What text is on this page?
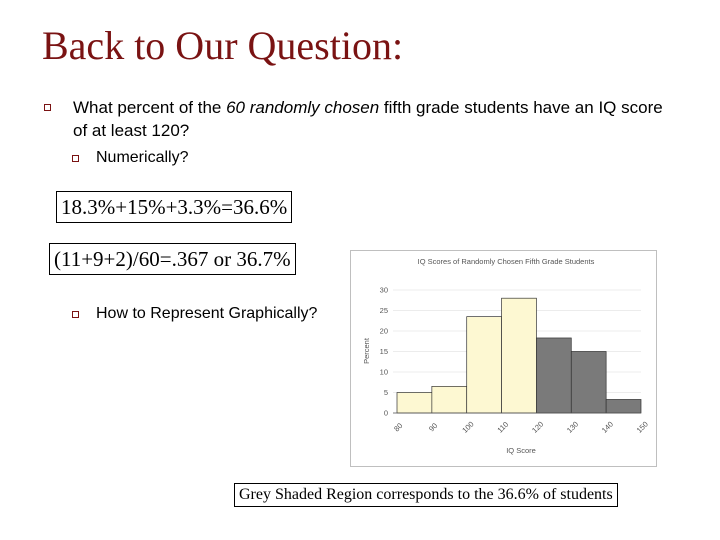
Back to Our Question:
What percent of the 60 randomly chosen fifth grade students have an IQ score of at least 120?
Numerically?
18.3%+15%+3.3%=36.6%
(11+9+2)/60=.367 or 36.7%
How to Represent Graphically?
IQ Scores of Randomly Chosen Fifth Grade Students
Percent
IQ Score
0
5
10
15
20
25
30
80	90	100	110	120	130	140	150
Grey Shaded Region corresponds to the 36.6% of students
